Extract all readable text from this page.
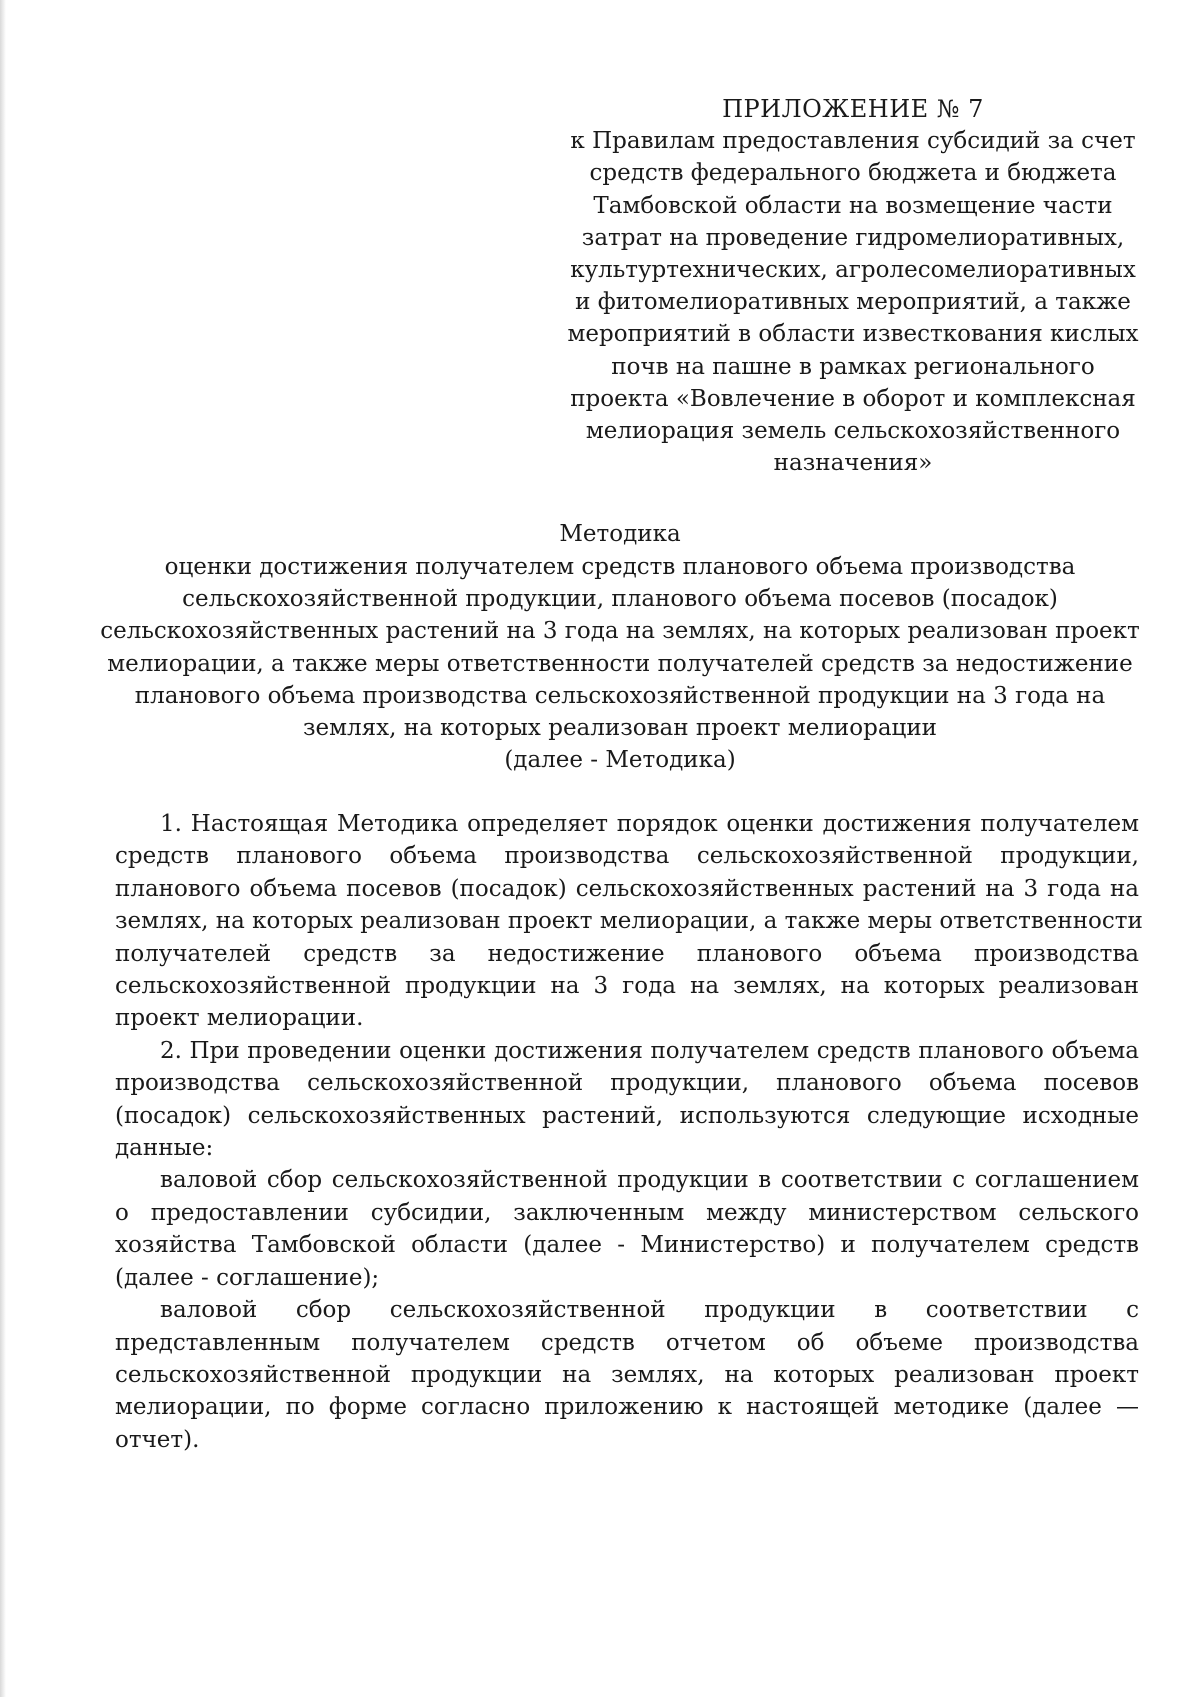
ПРИЛОЖЕНИЕ № 7
к Правилам предоставления субсидий за счет
средств федерального бюджета и бюджета
Тамбовской области на возмещение части
затрат на проведение гидромелиоративных,
культуртехнических, агролесомелиоративных
и фитомелиоративных мероприятий, а также
мероприятий в области известкования кислых
почв на пашне в рамках регионального
проекта «Вовлечение в оборот и комплексная
мелиорация земель сельскохозяйственного
назначения»
Методика
оценки достижения получателем средств планового объема производства
сельскохозяйственной продукции, планового объема посевов (посадок)
сельскохозяйственных растений на 3 года на землях, на которых реализован проект
мелиорации, а также меры ответственности получателей средств за недостижение
планового объема производства сельскохозяйственной продукции на 3 года на
землях, на которых реализован проект мелиорации
(далее - Методика)
1. Настоящая Методика определяет порядок оценки достижения получателем
средств планового объема производства сельскохозяйственной продукции,
планового объема посевов (посадок) сельскохозяйственных растений на 3 года на
землях, на которых реализован проект мелиорации, а также меры ответственности
получателей средств за недостижение планового объема производства
сельскохозяйственной продукции на 3 года на землях, на которых реализован
проект мелиорации.
2. При проведении оценки достижения получателем средств планового объема
производства сельскохозяйственной продукции, планового объема посевов
(посадок) сельскохозяйственных растений, используются следующие исходные
данные:
валовой сбор сельскохозяйственной продукции в соответствии с соглашением
о предоставлении субсидии, заключенным между министерством сельского
хозяйства Тамбовской области (далее - Министерство) и получателем средств
(далее - соглашение);
валовой сбор сельскохозяйственной продукции в соответствии с
представленным получателем средств отчетом об объеме производства
сельскохозяйственной продукции на землях, на которых реализован проект
мелиорации, по форме согласно приложению к настоящей методике (далее —
отчет).
